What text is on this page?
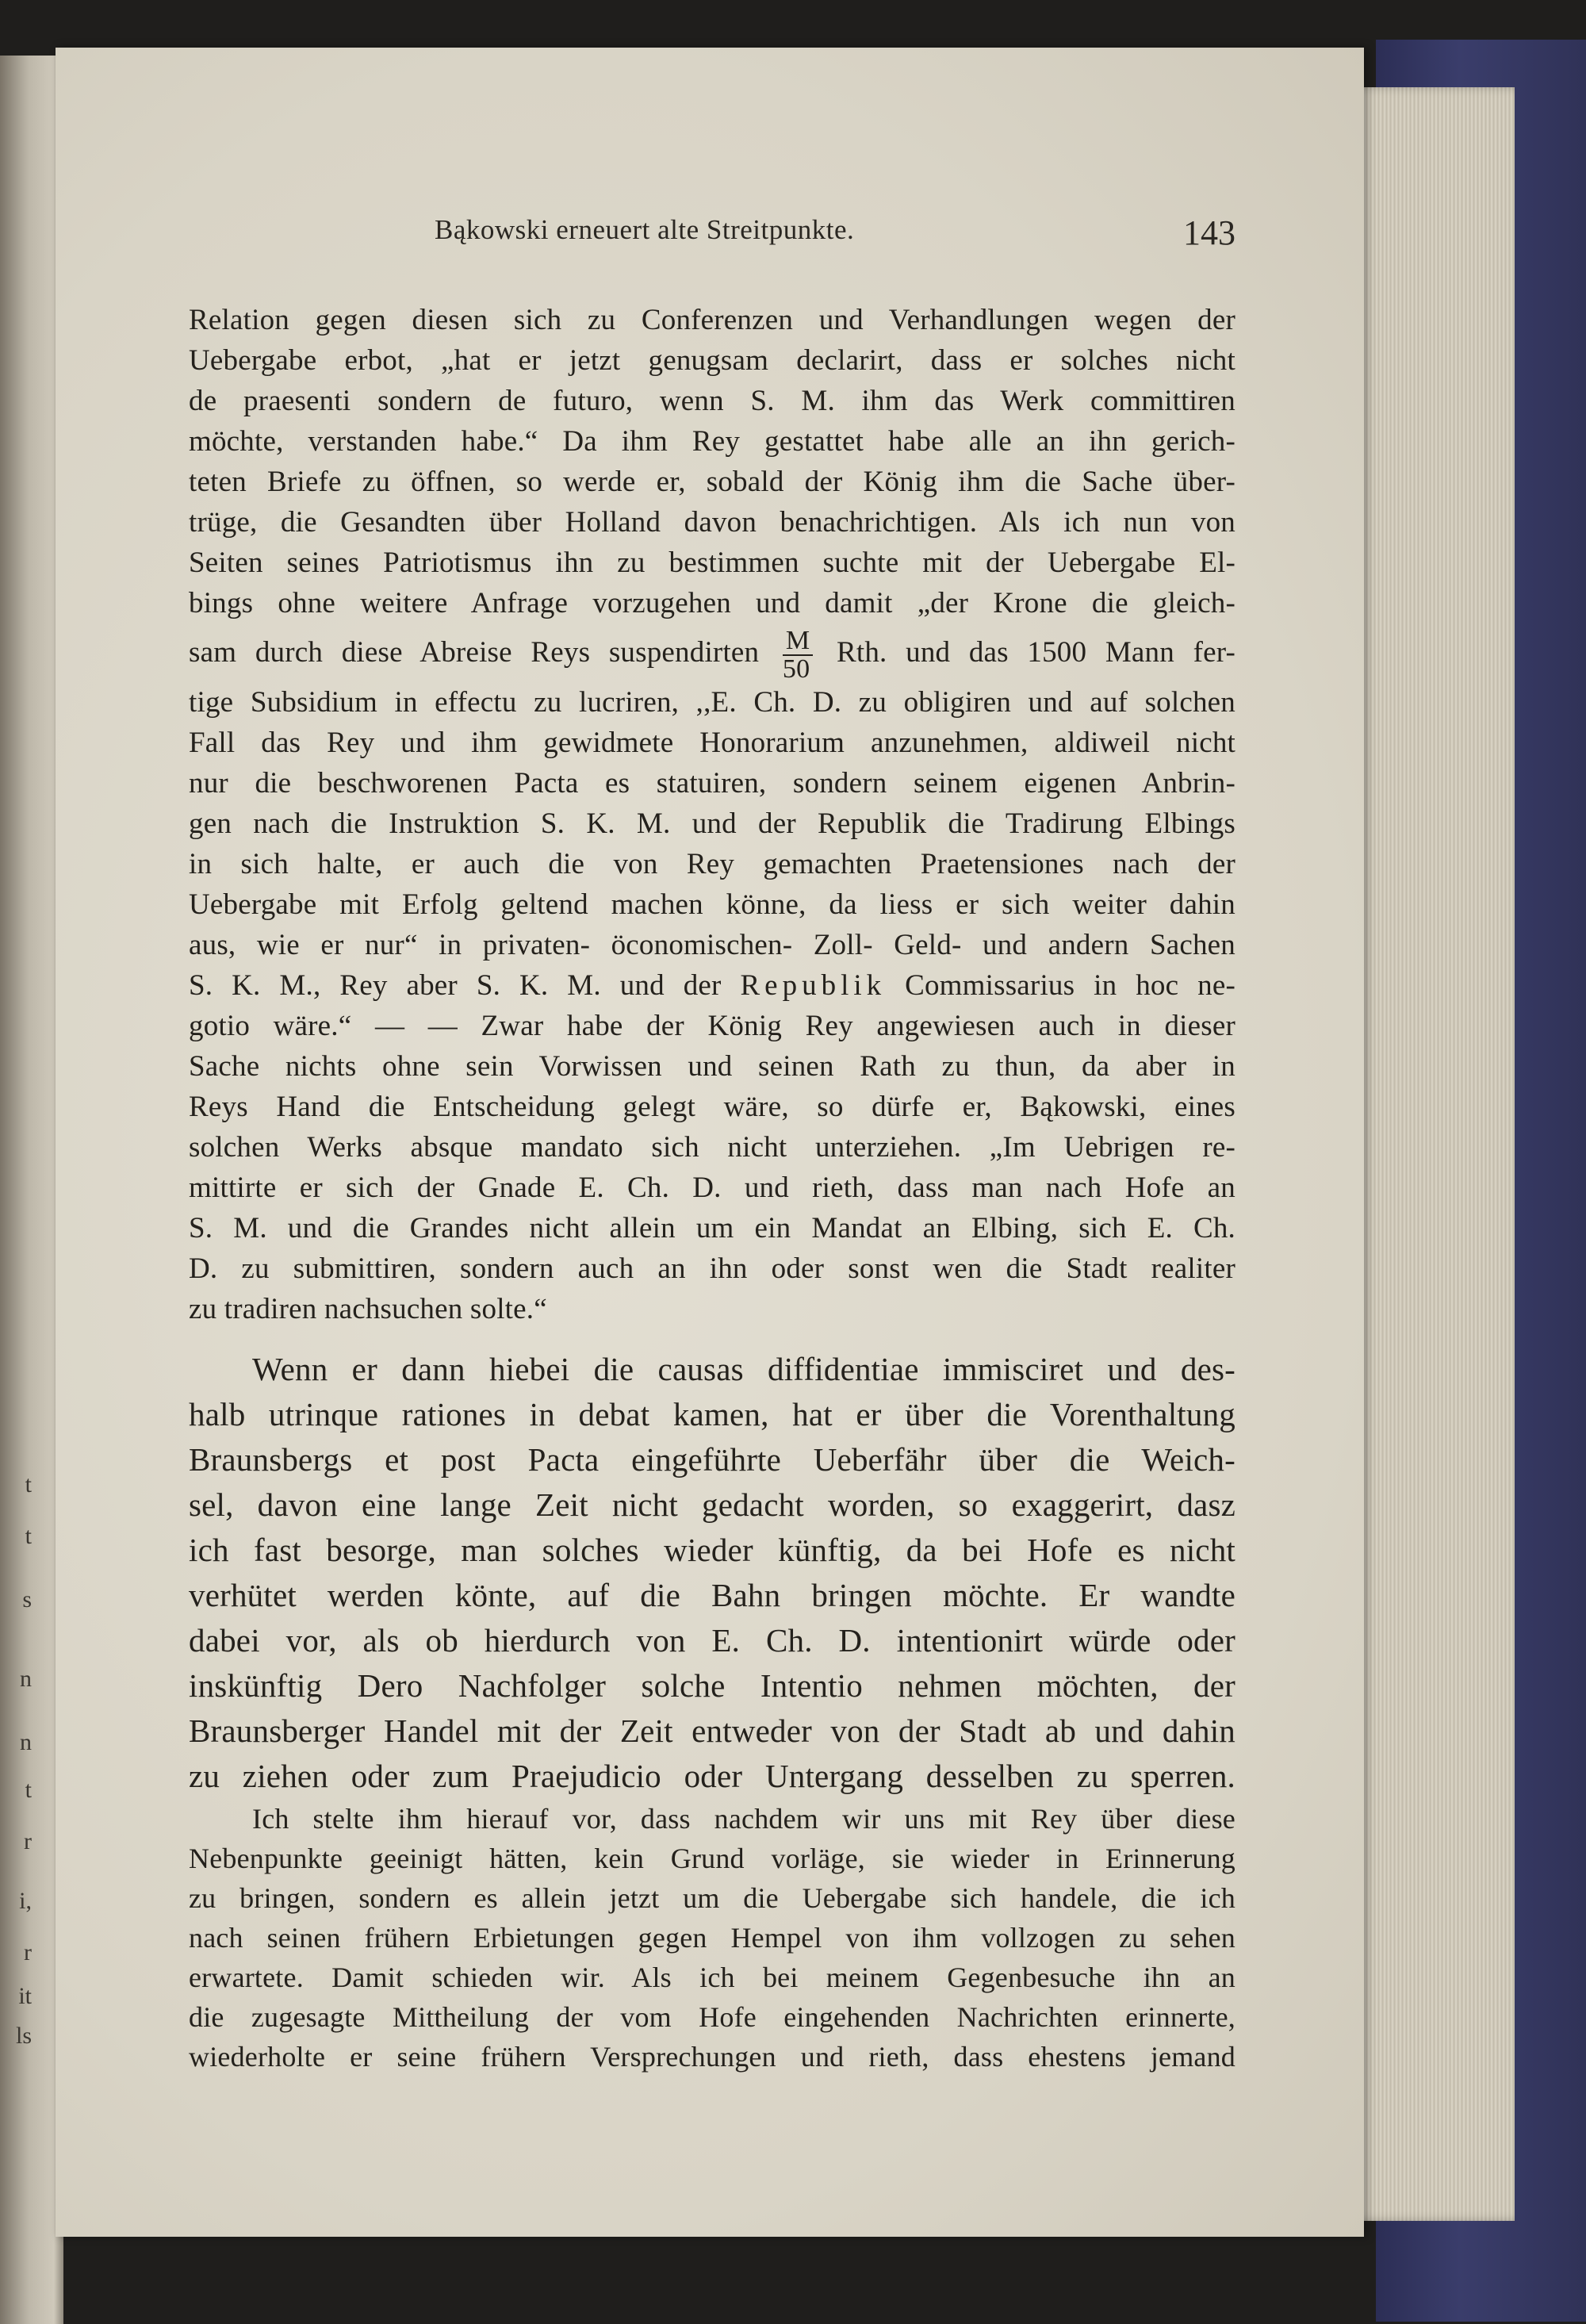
t
t
s
n
n
t
r
i,
r
it
ls
Bąkowski erneuert alte Streitpunkte.	143
Relation gegen diesen sich zu Conferenzen und Verhandlungen wegen der
Uebergabe erbot, „hat er jetzt genugsam declarirt, dass er solches nicht
de praesenti sondern de futuro, wenn S. M. ihm das Werk committiren
möchte, verstanden habe.“ Da ihm Rey gestattet habe alle an ihn gerich-
teten Briefe zu öffnen, so werde er, sobald der König ihm die Sache über-
trüge, die Gesandten über Holland davon benachrichtigen. Als ich nun von
Seiten seines Patriotismus ihn zu bestimmen suchte mit der Uebergabe El-
bings ohne weitere Anfrage vorzugehen und damit „der Krone die gleich-
sam durch diese Abreise Reys suspendirten $\frac{M}{50}$ Rth. und das 1500 Mann fer-
tige Subsidium in effectu zu lucriren, ,,E. Ch. D. zu obligiren und auf solchen
Fall das Rey und ihm gewidmete Honorarium anzunehmen, aldiweil nicht
nur die beschworenen Pacta es statuiren, sondern seinem eigenen Anbrin-
gen nach die Instruktion S. K. M. und der Republik die Tradirung Elbings
in sich halte, er auch die von Rey gemachten Praetensiones nach der
Uebergabe mit Erfolg geltend machen könne, da liess er sich weiter dahin
aus, wie er nur“ in privaten- öconomischen- Zoll- Geld- und andern Sachen
S. K. M., Rey aber S. K. M. und der Republik Commissarius in hoc ne-
gotio wäre.“ — — Zwar habe der König Rey angewiesen auch in dieser
Sache nichts ohne sein Vorwissen und seinen Rath zu thun, da aber in
Reys Hand die Entscheidung gelegt wäre, so dürfe er, Bąkowski, eines
solchen Werks absque mandato sich nicht unterziehen. „Im Uebrigen re-
mittirte er sich der Gnade E. Ch. D. und rieth, dass man nach Hofe an
S. M. und die Grandes nicht allein um ein Mandat an Elbing, sich E. Ch.
D. zu submittiren, sondern auch an ihn oder sonst wen die Stadt realiter
zu tradiren nachsuchen solte.“
Wenn er dann hiebei die causas diffidentiae immisciret und des-
halb utrinque rationes in debat kamen, hat er über die Vorenthaltung
Braunsbergs et post Pacta eingeführte Ueberfähr über die Weich-
sel, davon eine lange Zeit nicht gedacht worden, so exaggerirt, dasz
ich fast besorge, man solches wieder künftig, da bei Hofe es nicht
verhütet werden könte, auf die Bahn bringen möchte. Er wandte
dabei vor, als ob hierdurch von E. Ch. D. intentionirt würde oder
inskünftig Dero Nachfolger solche Intentio nehmen möchten, der
Braunsberger Handel mit der Zeit entweder von der Stadt ab und dahin
zu ziehen oder zum Praejudicio oder Untergang desselben zu sperren.
Ich stelte ihm hierauf vor, dass nachdem wir uns mit Rey über diese
Nebenpunkte geeinigt hätten, kein Grund vorläge, sie wieder in Erinnerung
zu bringen, sondern es allein jetzt um die Uebergabe sich handele, die ich
nach seinen frühern Erbietungen gegen Hempel von ihm vollzogen zu sehen
erwartete. Damit schieden wir. Als ich bei meinem Gegenbesuche ihn an
die zugesagte Mittheilung der vom Hofe eingehenden Nachrichten erinnerte,
wiederholte er seine frühern Versprechungen und rieth, dass ehestens jemand
